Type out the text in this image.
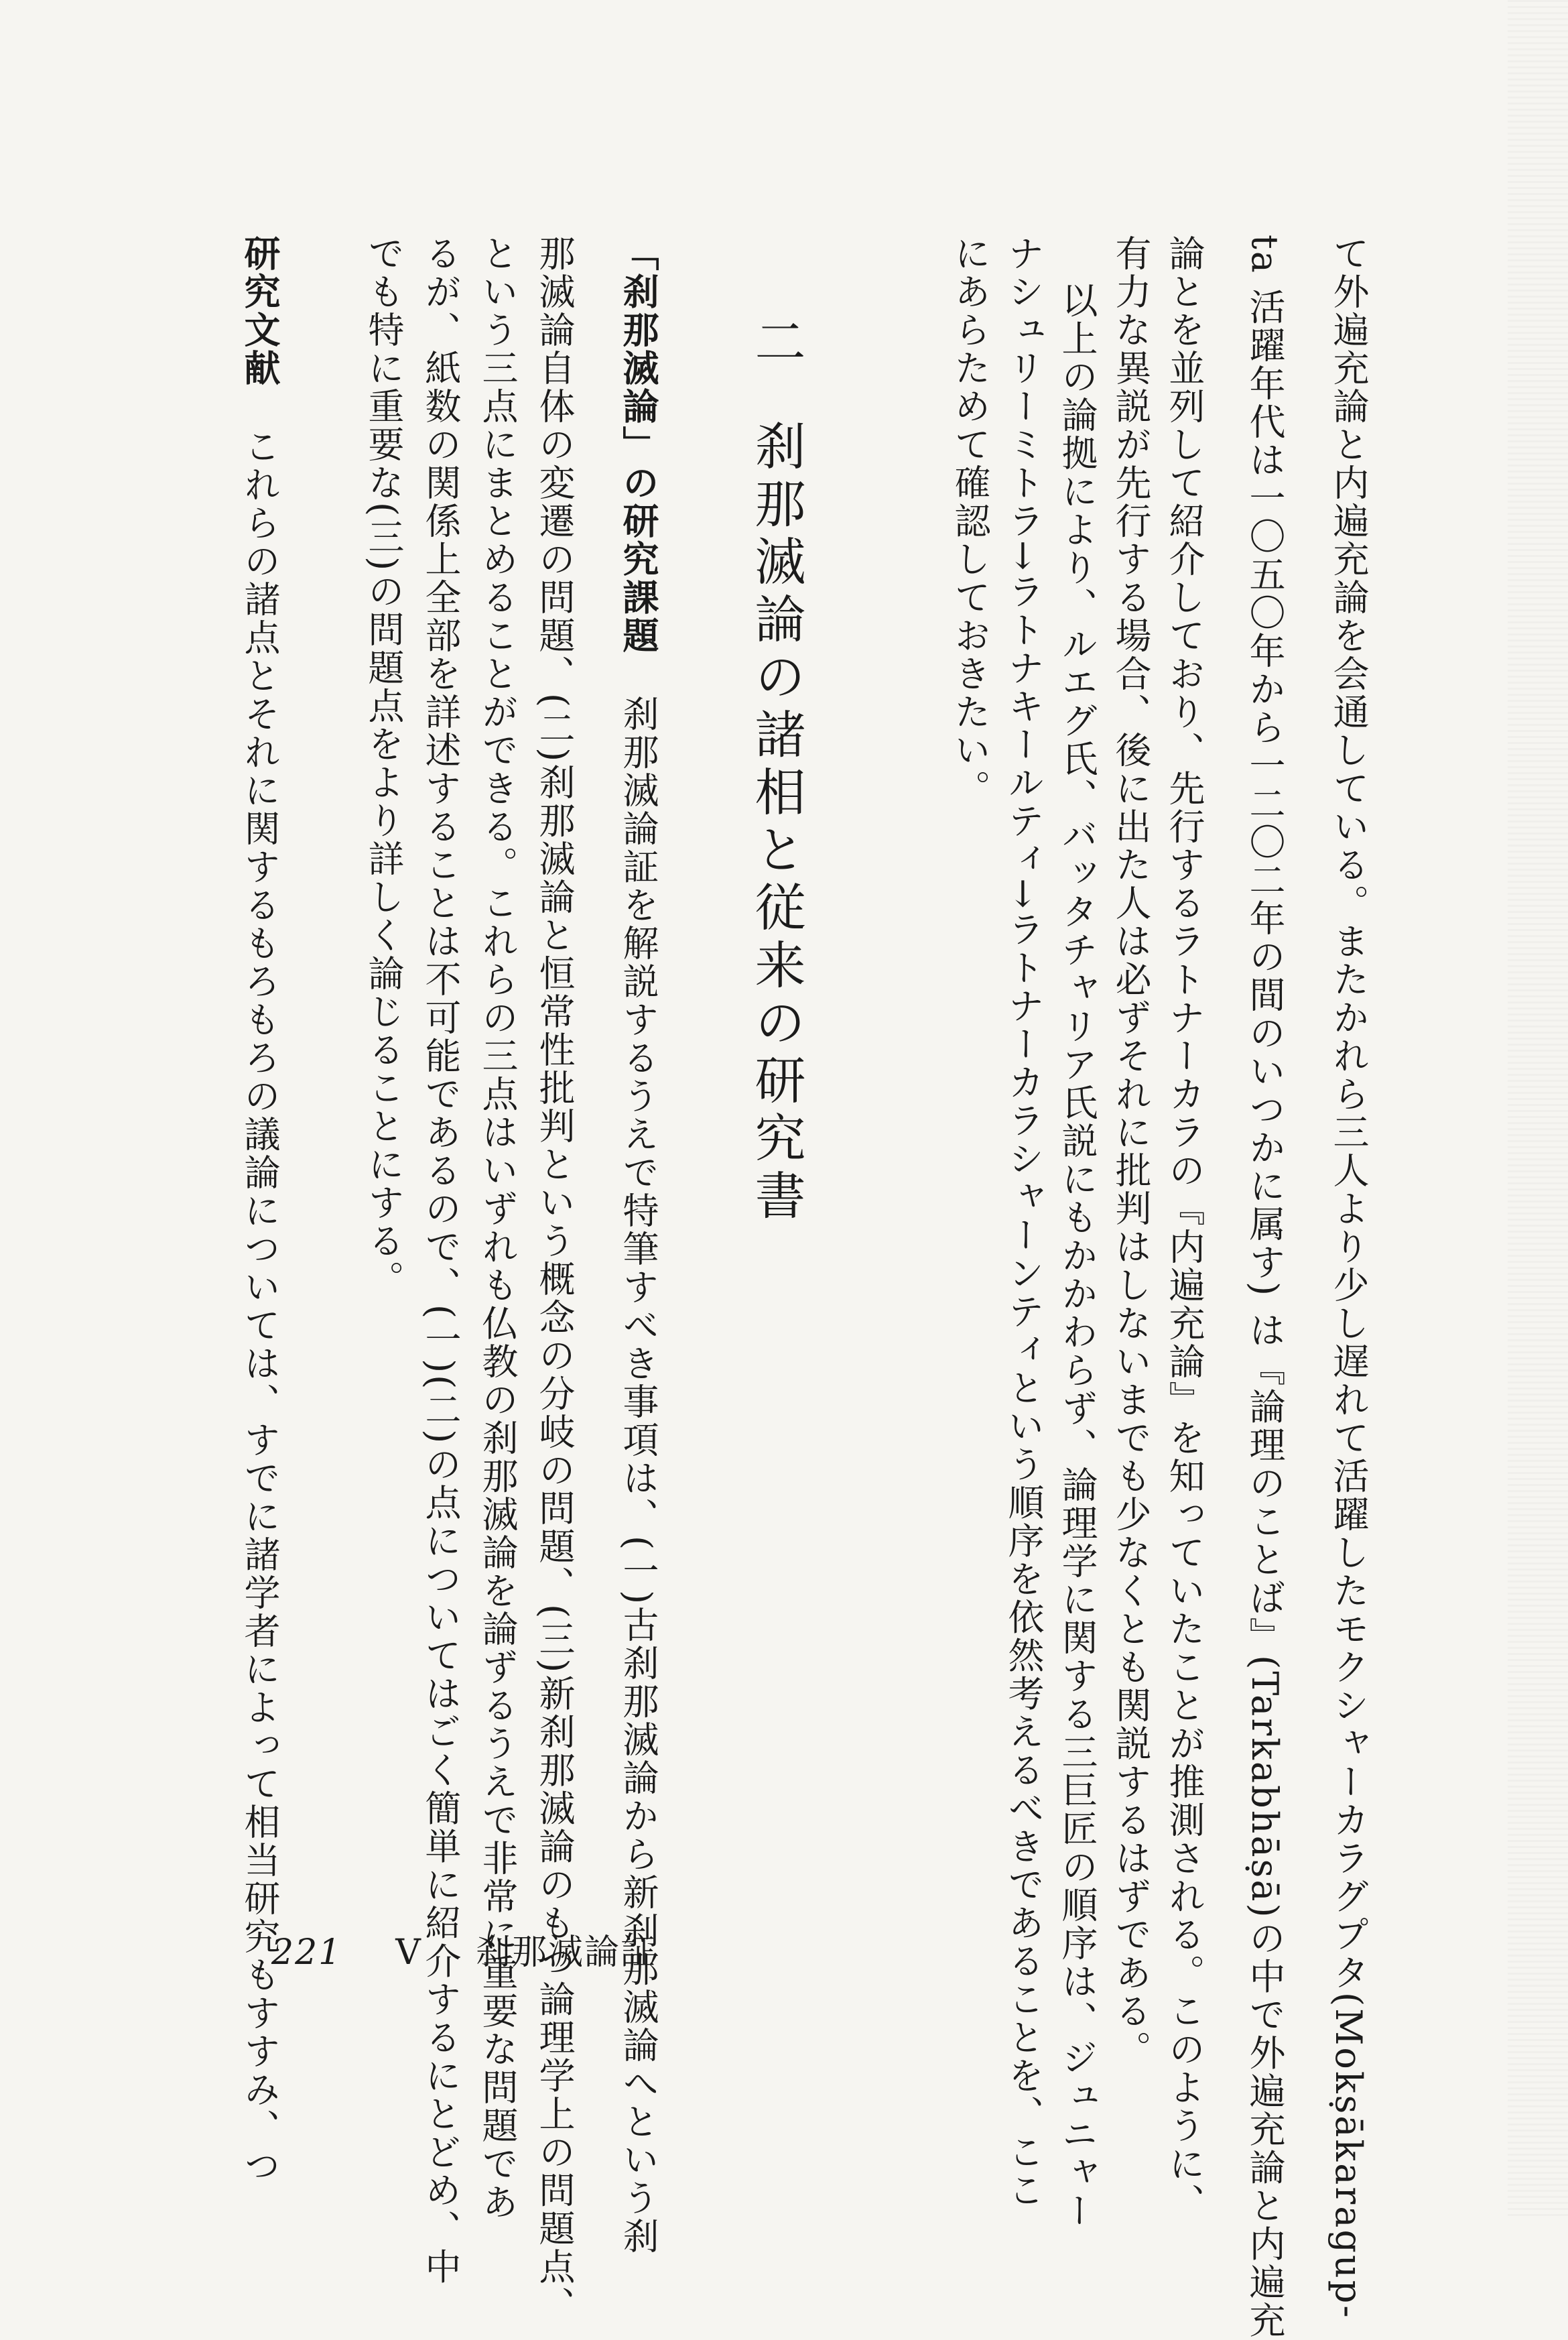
て外遍充論と内遍充論を会通している。またかれら三人より少し遅れて活躍したモクシャーカラグプタ(Mokṣākaragup-
ta 活躍年代は一〇五〇年から一二〇二年の間のいつかに属す) は『論理のことば』(Tarkabhāṣā)の中で外遍充論と内遍充
論とを並列して紹介しており、先行するラトナーカラの『内遍充論』を知っていたことが推測される。このように、
有力な異説が先行する場合、後に出た人は必ずそれに批判はしないまでも少なくとも関説するはずである。
以上の論拠により、ルエグ氏、バッタチャリア氏説にもかかわらず、論理学に関する三巨匠の順序は、ジュニャー
ナシュリーミトラ→ラトナキールティ→ラトナーカラシャーンティという順序を依然考えるべきであることを、ここ
にあらためて確認しておきたい。
二刹那滅論の諸相と従来の研究書
「刹那滅論」の研究課題刹那滅論証を解説するうえで特筆すべき事項は、(一)古刹那滅論から新刹那滅論へという刹
那滅論自体の変遷の問題、(二)刹那滅論と恒常性批判という概念の分岐の問題、(三)新刹那滅論のもつ論理学上の問題点、
という三点にまとめることができる。これらの三点はいずれも仏教の刹那滅論を論ずるうえで非常に重要な問題であ
るが、紙数の関係上全部を詳述することは不可能であるので、(一)(二)の点についてはごく簡単に紹介するにとどめ、中
でも特に重要な(三)の問題点をより詳しく論じることにする。
研究文献これらの諸点とそれに関するもろもろの議論については、すでに諸学者によって相当研究もすすみ、つ
221 V 刹那滅論証
